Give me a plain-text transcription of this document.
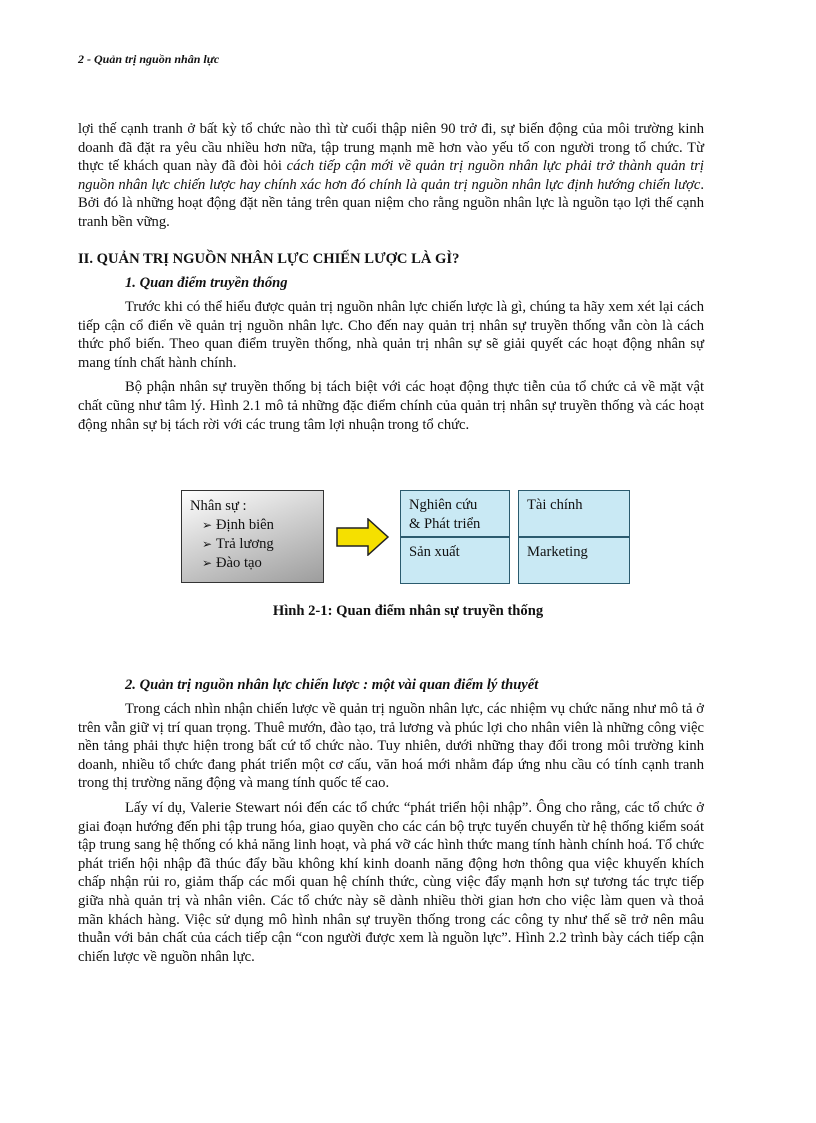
2 - Quản trị nguồn nhân lực

lợi thế cạnh tranh ở bất kỳ tổ chức nào thì từ cuối thập niên 90 trở đi, sự biến động của môi trường kinh doanh đã đặt ra yêu cầu nhiều hơn nữa, tập trung mạnh mẽ hơn vào yếu tố con người trong tổ chức. Từ thực tế khách quan này đã đòi hỏi cách tiếp cận mới về quản trị nguồn nhân lực phải trở thành quản trị nguồn nhân lực chiến lược hay chính xác hơn đó chính là quản trị nguồn nhân lực định hướng chiến lược. Bởi đó là những hoạt động đặt nền tảng trên quan niệm cho rằng nguồn nhân lực là nguồn tạo lợi thế cạnh tranh bền vững.

II. QUẢN TRỊ NGUỒN NHÂN LỰC CHIẾN LƯỢC LÀ GÌ?
1. Quan điểm truyền thống

Trước khi có thể hiểu được quản trị nguồn nhân lực chiến lược là gì, chúng ta hãy xem xét lại cách tiếp cận cổ điển về quản trị nguồn nhân lực. Cho đến nay quản trị nhân sự truyền thống vẫn còn là cách thức phổ biến. Theo quan điểm truyền thống, nhà quản trị nhân sự sẽ giải quyết các hoạt động nhân sự mang tính chất hành chính.

Bộ phận nhân sự truyền thống bị tách biệt với các hoạt động thực tiễn của tổ chức cả về mặt vật chất cũng như tâm lý. Hình 2.1 mô tả những đặc điểm chính của quản trị nhân sự truyền thống và các hoạt động nhân sự bị tách rời với các trung tâm lợi nhuận trong tổ chức.

Nhân sự :
➢ Định biên
➢ Trả lương
➢ Đào tạo
Nghiên cứu
& Phát triển
Tài chính
Sản xuất	Marketing
Hình 2-1: Quan điểm nhân sự truyền thống
2. Quản trị nguồn nhân lực chiến lược : một vài quan điểm lý thuyết

Trong cách nhìn nhận chiến lược về quản trị nguồn nhân lực, các nhiệm vụ chức năng như mô tả ở trên vẫn giữ vị trí quan trọng. Thuê mướn, đào tạo, trả lương và phúc lợi cho nhân viên là những công việc nền tảng phải thực hiện trong bất cứ tổ chức nào. Tuy nhiên, dưới những thay đổi trong môi trường kinh doanh, nhiều tổ chức đang phát triển một cơ cấu, văn hoá mới nhằm đáp ứng nhu cầu có tính cạnh tranh trong thị trường năng động và mang tính quốc tế cao.

Lấy ví dụ, Valerie Stewart nói đến các tổ chức “phát triển hội nhập”. Ông cho rằng, các tổ chức ở giai đoạn hướng đến phi tập trung hóa, giao quyền cho các cán bộ trực tuyến chuyển từ hệ thống kiểm soát tập trung sang hệ thống có khả năng linh hoạt, và phá vỡ các hình thức mang tính hành chính hoá. Tổ chức phát triển hội nhập đã thúc đẩy bầu không khí kinh doanh năng động hơn thông qua việc khuyến khích chấp nhận rủi ro, giảm thấp các mối quan hệ chính thức, cùng việc đẩy mạnh hơn sự tương tác trực tiếp giữa nhà quản trị và nhân viên. Các tổ chức này sẽ dành nhiều thời gian hơn cho việc làm quen và thoả mãn khách hàng. Việc sử dụng mô hình nhân sự truyền thống trong các công ty như thế sẽ trở nên mâu thuẫn với bản chất của cách tiếp cận “con người được xem là nguồn lực”. Hình 2.2 trình bày cách tiếp cận chiến lược về nguồn nhân lực.
